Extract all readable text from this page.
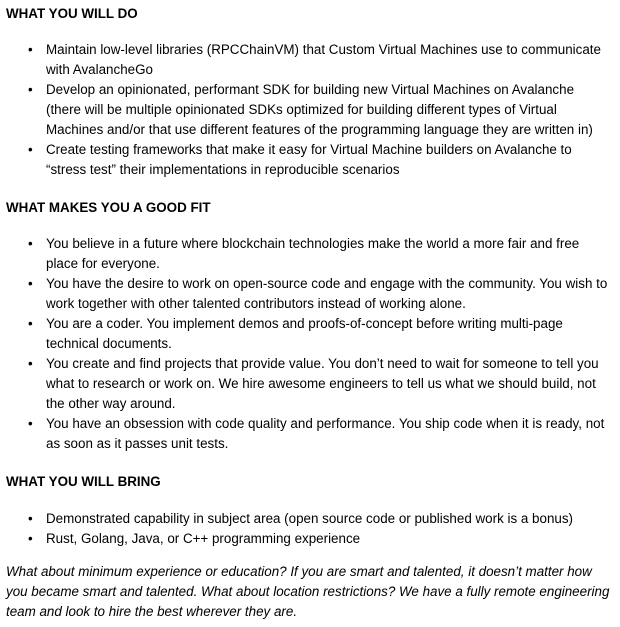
WHAT YOU WILL DO
• Maintain low-level libraries (RPCChainVM) that Custom Virtual Machines use to communicate with AvalancheGo
• Develop an opinionated, performant SDK for building new Virtual Machines on Avalanche (there will be multiple opinionated SDKs optimized for building different types of Virtual Machines and/or that use different features of the programming language they are written in)
• Create testing frameworks that make it easy for Virtual Machine builders on Avalanche to “stress test” their implementations in reproducible scenarios
WHAT MAKES YOU A GOOD FIT
• You believe in a future where blockchain technologies make the world a more fair and free place for everyone.
• You have the desire to work on open-source code and engage with the community. You wish to work together with other talented contributors instead of working alone.
• You are a coder. You implement demos and proofs-of-concept before writing multi-page technical documents.
• You create and find projects that provide value. You don’t need to wait for someone to tell you what to research or work on. We hire awesome engineers to tell us what we should build, not the other way around.
• You have an obsession with code quality and performance. You ship code when it is ready, not as soon as it passes unit tests.
WHAT YOU WILL BRING
• Demonstrated capability in subject area (open source code or published work is a bonus)
• Rust, Golang, Java, or C++ programming experience

What about minimum experience or education? If you are smart and talented, it doesn’t matter how you became smart and talented. What about location restrictions? We have a fully remote engineering team and look to hire the best wherever they are.
